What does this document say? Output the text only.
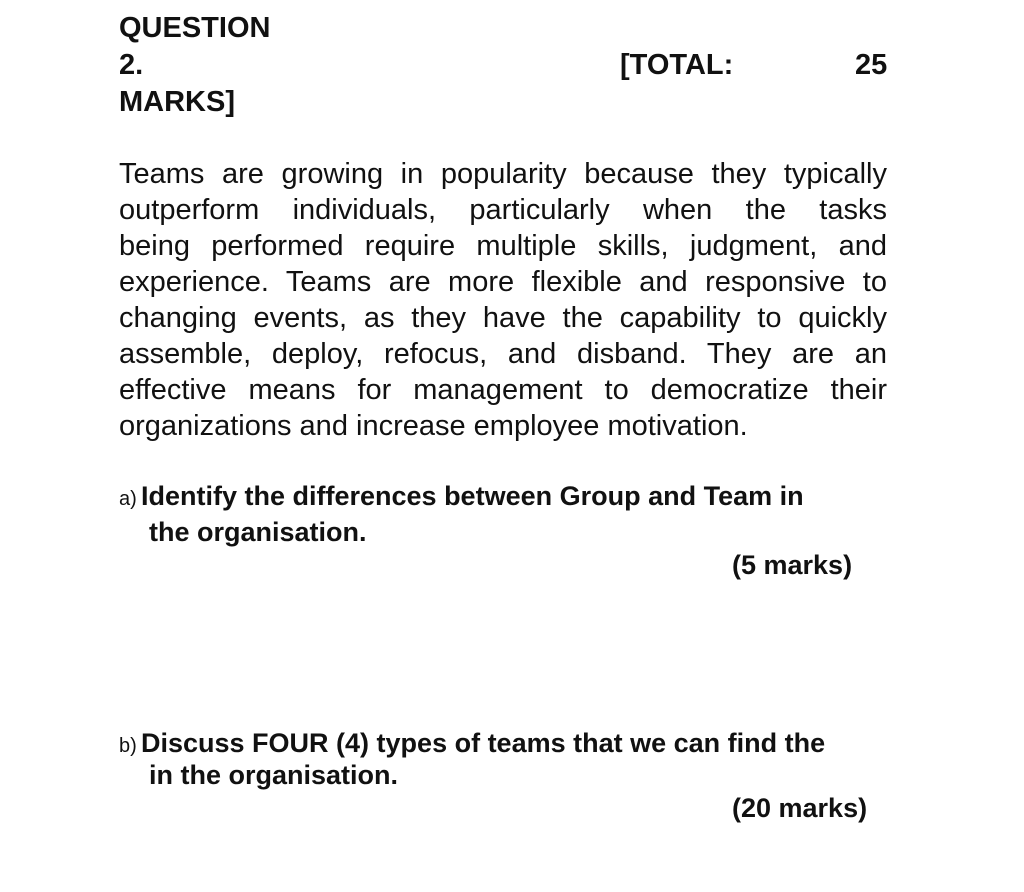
QUESTION
2.	[TOTAL:	25
MARKS]
Teams are growing in popularity because they typically
outperform individuals, particularly when the tasks
being performed require multiple skills, judgment, and
experience. Teams are more flexible and responsive to
changing events, as they have the capability to quickly
assemble, deploy, refocus, and disband. They are an
effective means for management to democratize their
organizations and increase employee motivation.
a) Identify the differences between Group and Team in
the organisation.
(5 marks)
b) Discuss FOUR (4) types of teams that we can find the
in the organisation.
(20 marks)
